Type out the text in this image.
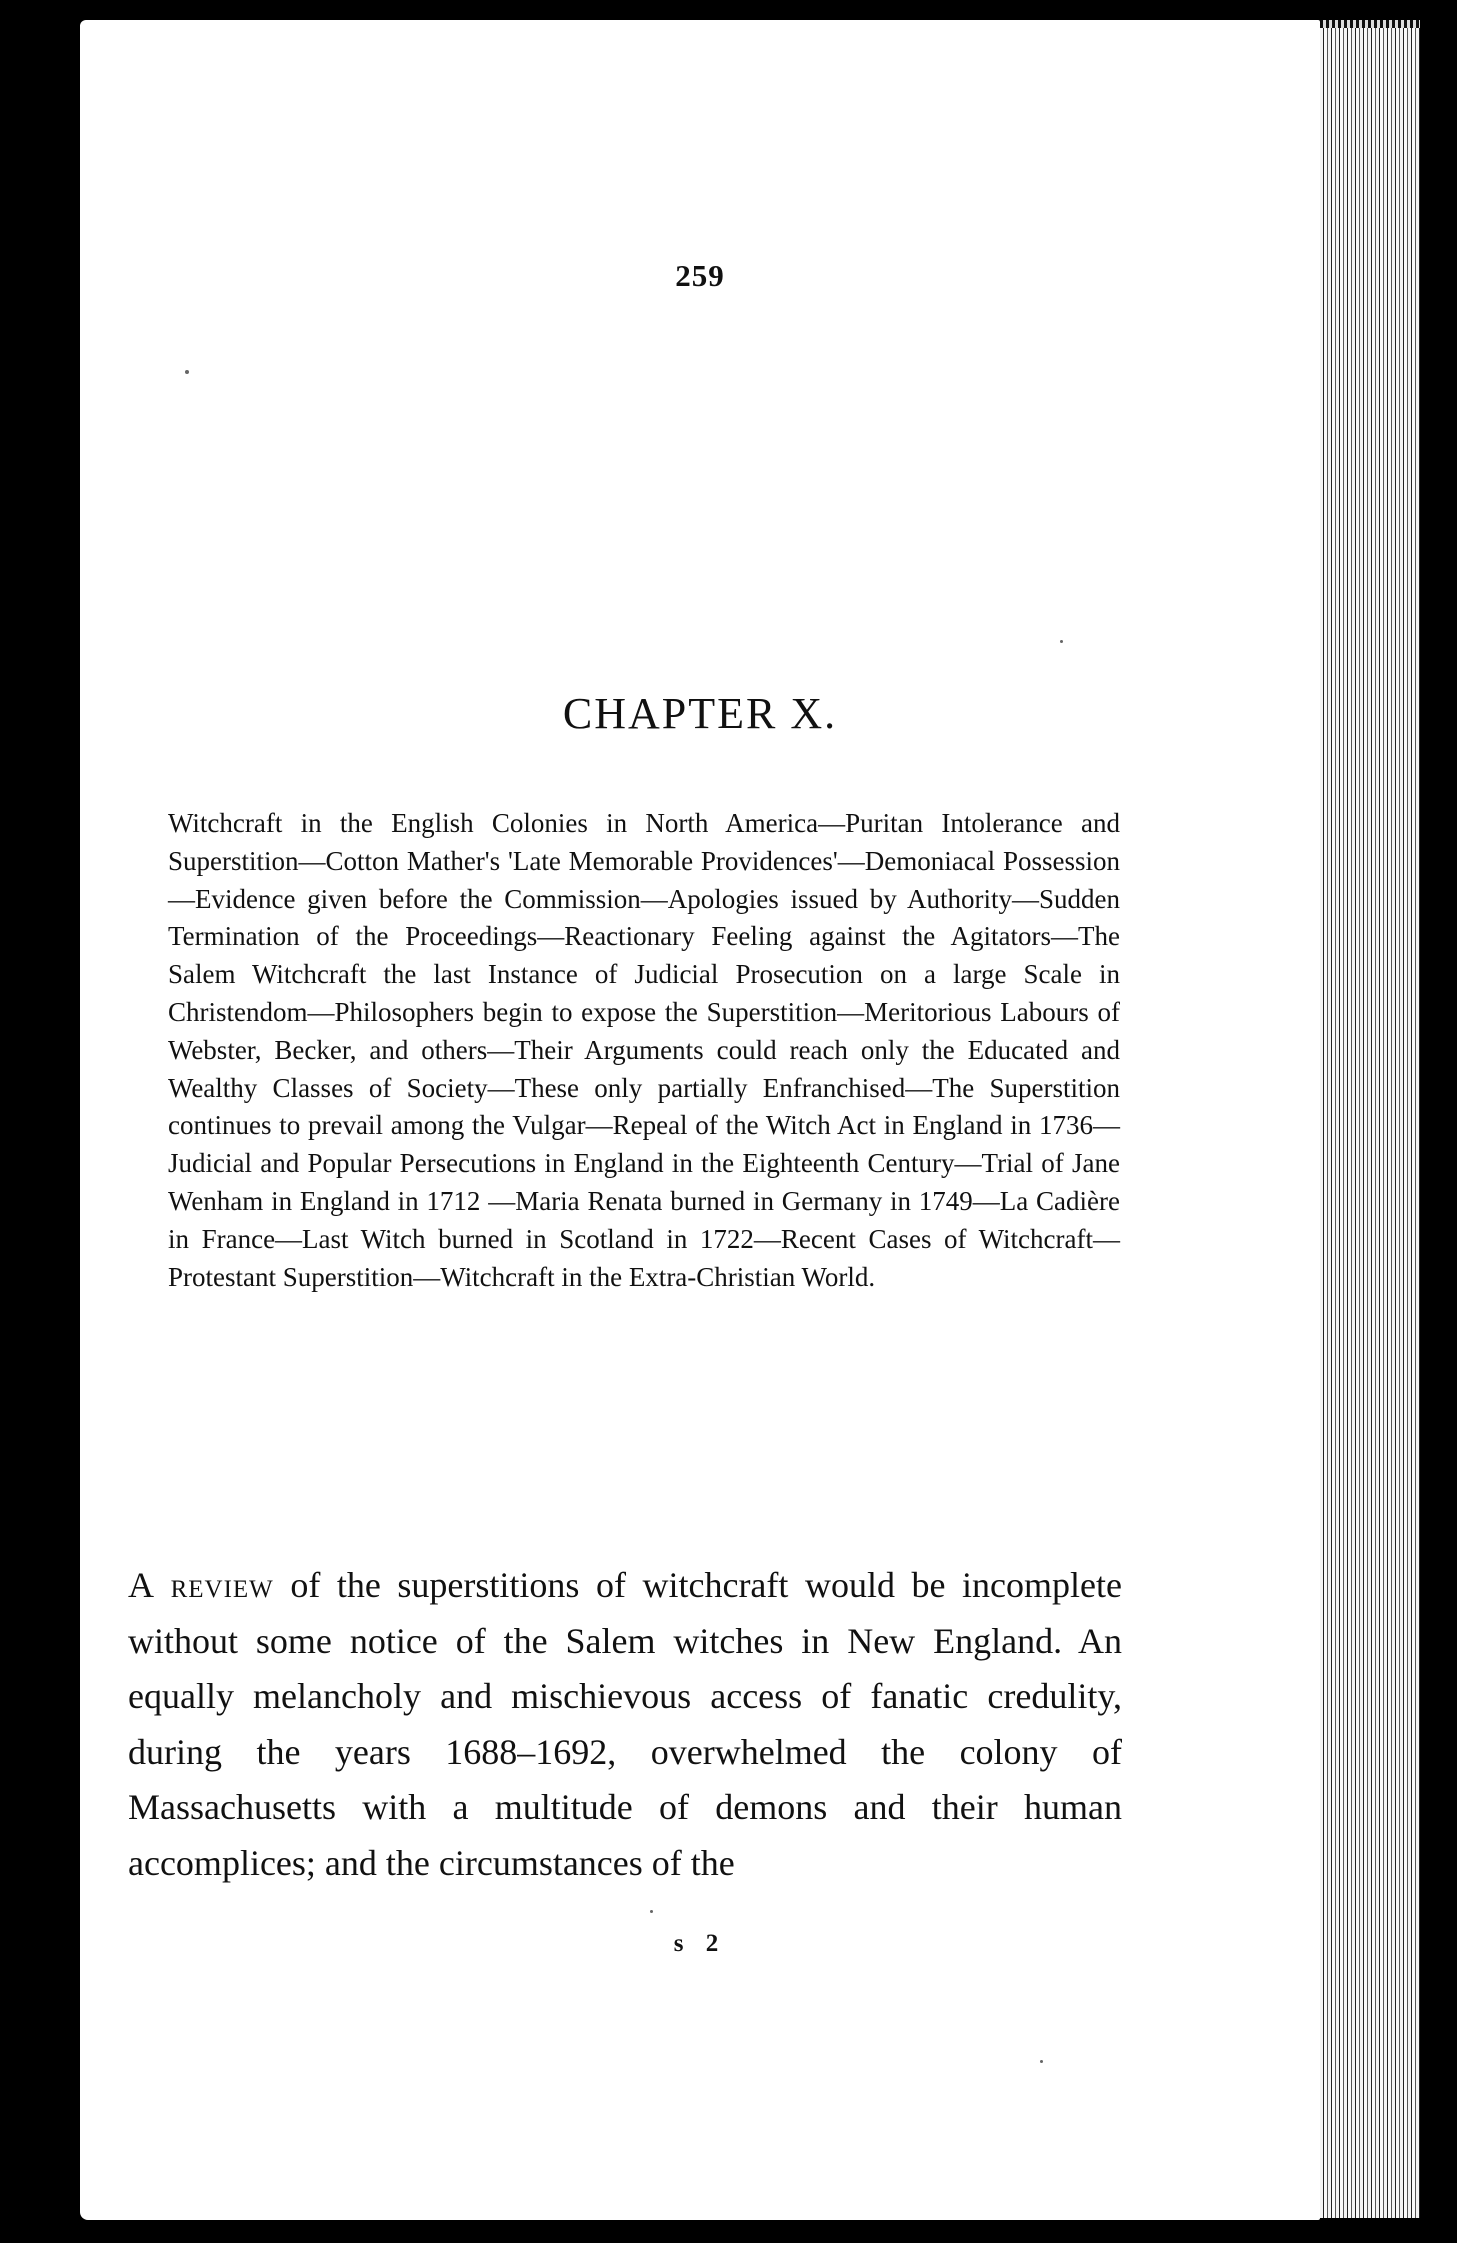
259
CHAPTER X.

Witchcraft in the English Colonies in North America—Puritan Intolerance and Superstition—Cotton Mather's 'Late Memorable Providences'—Demoniacal Possession—Evidence given before the Commission—Apologies issued by Authority—Sudden Termination of the Proceedings—Reactionary Feeling against the Agitators—The Salem Witchcraft the last Instance of Judicial Prosecution on a large Scale in Christendom—Philosophers begin to expose the Superstition—Meritorious Labours of Webster, Becker, and others—Their Arguments could reach only the Educated and Wealthy Classes of Society—These only partially Enfranchised—The Superstition continues to prevail among the Vulgar—Repeal of the Witch Act in England in 1736—Judicial and Popular Persecutions in England in the Eighteenth Century—Trial of Jane Wenham in England in 1712 —Maria Renata burned in Germany in 1749—La Cadière in France—Last Witch burned in Scotland in 1722—Recent Cases of Witchcraft—Protestant Superstition—Witchcraft in the Extra-Christian World.

A review of the superstitions of witchcraft would be incomplete without some notice of the Salem witches in New England. An equally melancholy and mischievous access of fanatic credulity, during the years 1688–1692, overwhelmed the colony of Massachusetts with a multitude of demons and their human accomplices; and the circumstances of the

s 2
